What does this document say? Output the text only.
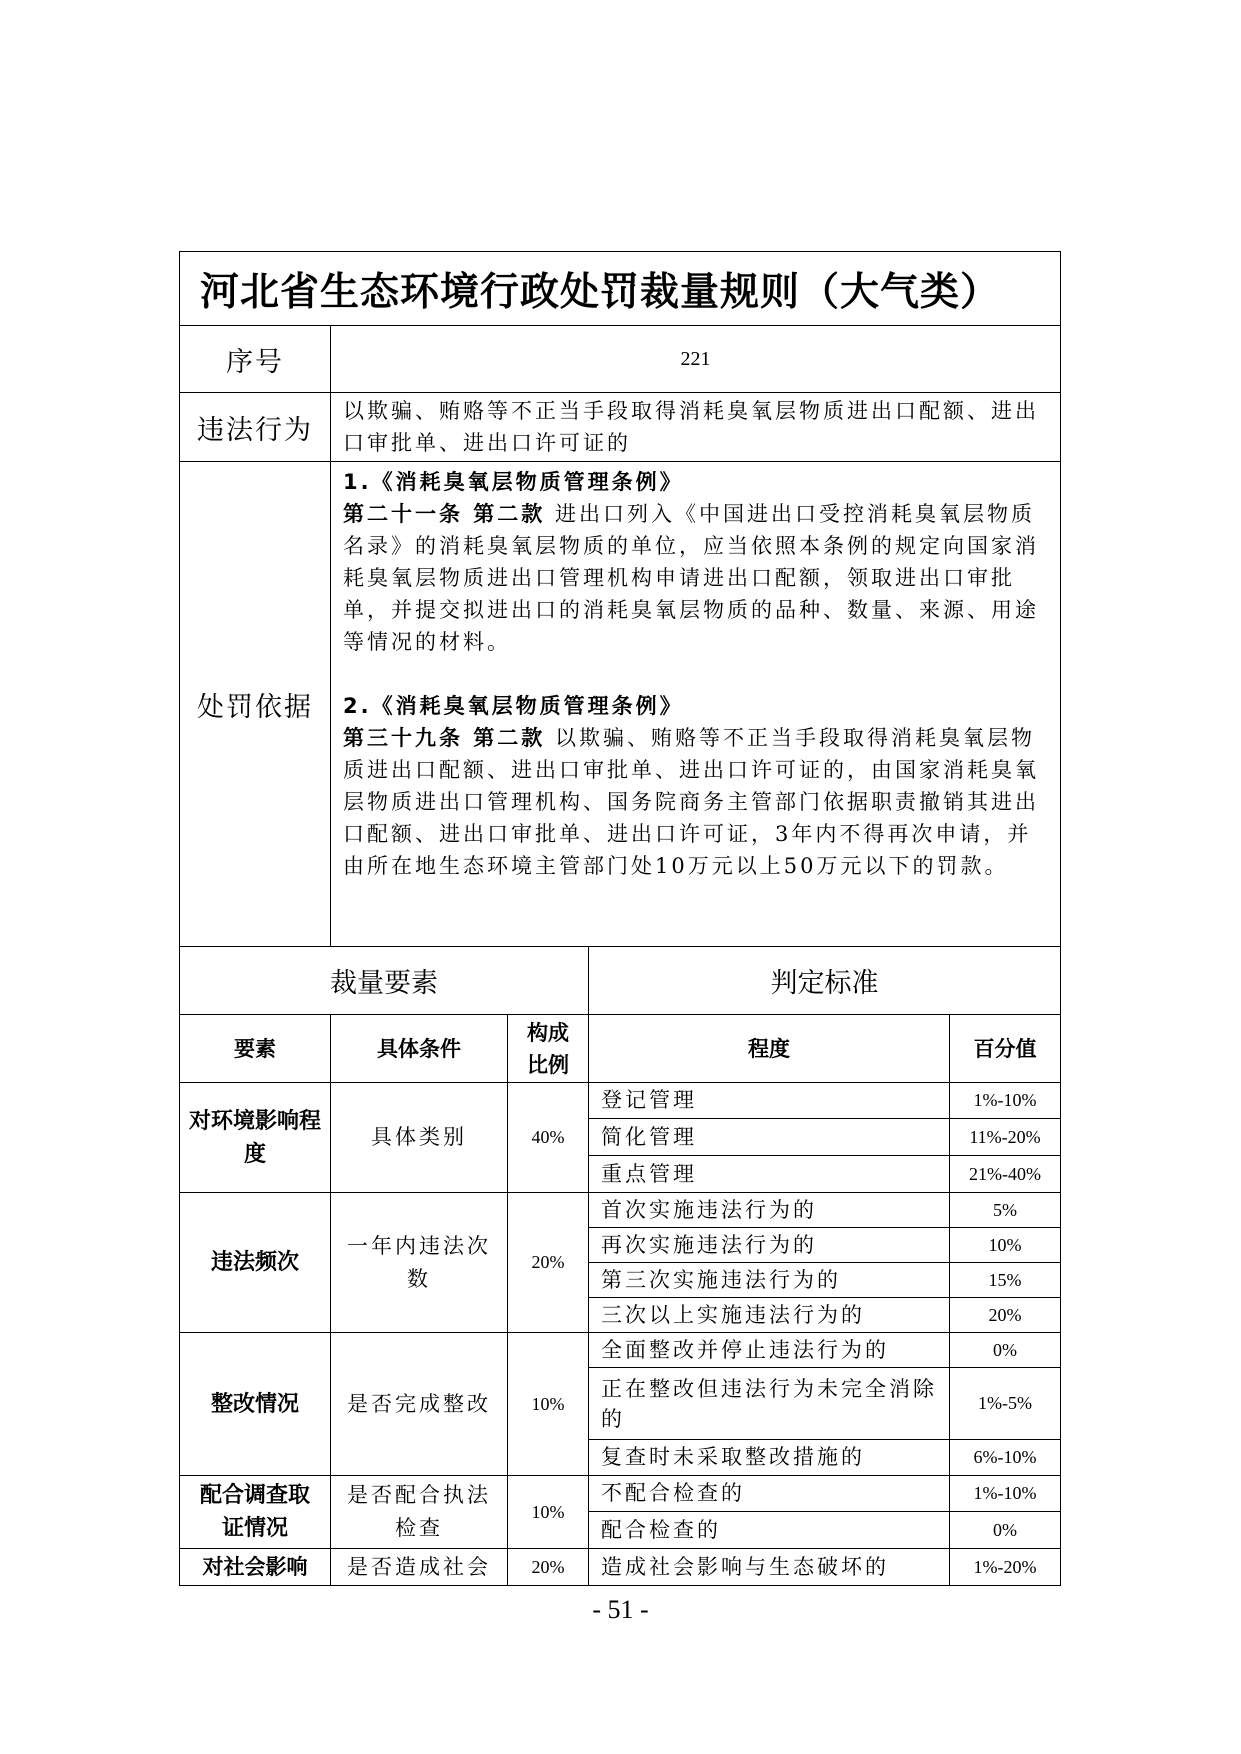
河北省生态环境行政处罚裁量规则（大气类）				
序号	221			
违法行为	以欺骗、贿赂等不正当手段取得消耗臭氧层物质进出口配额、进出口审批单、进出口许可证的			
处罚依据	1.《消耗臭氧层物质管理条例》
第二十一条 第二款 进出口列入《中国进出口受控消耗臭氧层物质名录》的消耗臭氧层物质的单位，应当依照本条例的规定向国家消耗臭氧层物质进出口管理机构申请进出口配额，领取进出口审批单，并提交拟进出口的消耗臭氧层物质的品种、数量、来源、用途等情况的材料。
2.《消耗臭氧层物质管理条例》
第三十九条 第二款 以欺骗、贿赂等不正当手段取得消耗臭氧层物质进出口配额、进出口审批单、进出口许可证的，由国家消耗臭氧层物质进出口管理机构、国务院商务主管部门依据职责撤销其进出口配额、进出口审批单、进出口许可证，3年内不得再次申请，并由所在地生态环境主管部门处10万元以上50万元以下的罚款。			

裁量要素			判定标准	
要素	具体条件	构成比例	程度	百分值
对环境影响程度	具体类别	40%	登记管理	1%-10%
			简化管理	11%-20%
			重点管理	21%-40%
违法频次	一年内违法次数	20%	首次实施违法行为的	5%
			再次实施违法行为的	10%
			第三次实施违法行为的	15%
			三次以上实施违法行为的	20%
整改情况	是否完成整改	10%	全面整改并停止违法行为的	0%
			正在整改但违法行为未完全消除的	1%-5%
			复查时未采取整改措施的	6%-10%
配合调查取证情况	是否配合执法检查	10%	不配合检查的	1%-10%
			配合检查的	0%
对社会影响	是否造成社会	20%	造成社会影响与生态破坏的	1%-20%
- 51 -
